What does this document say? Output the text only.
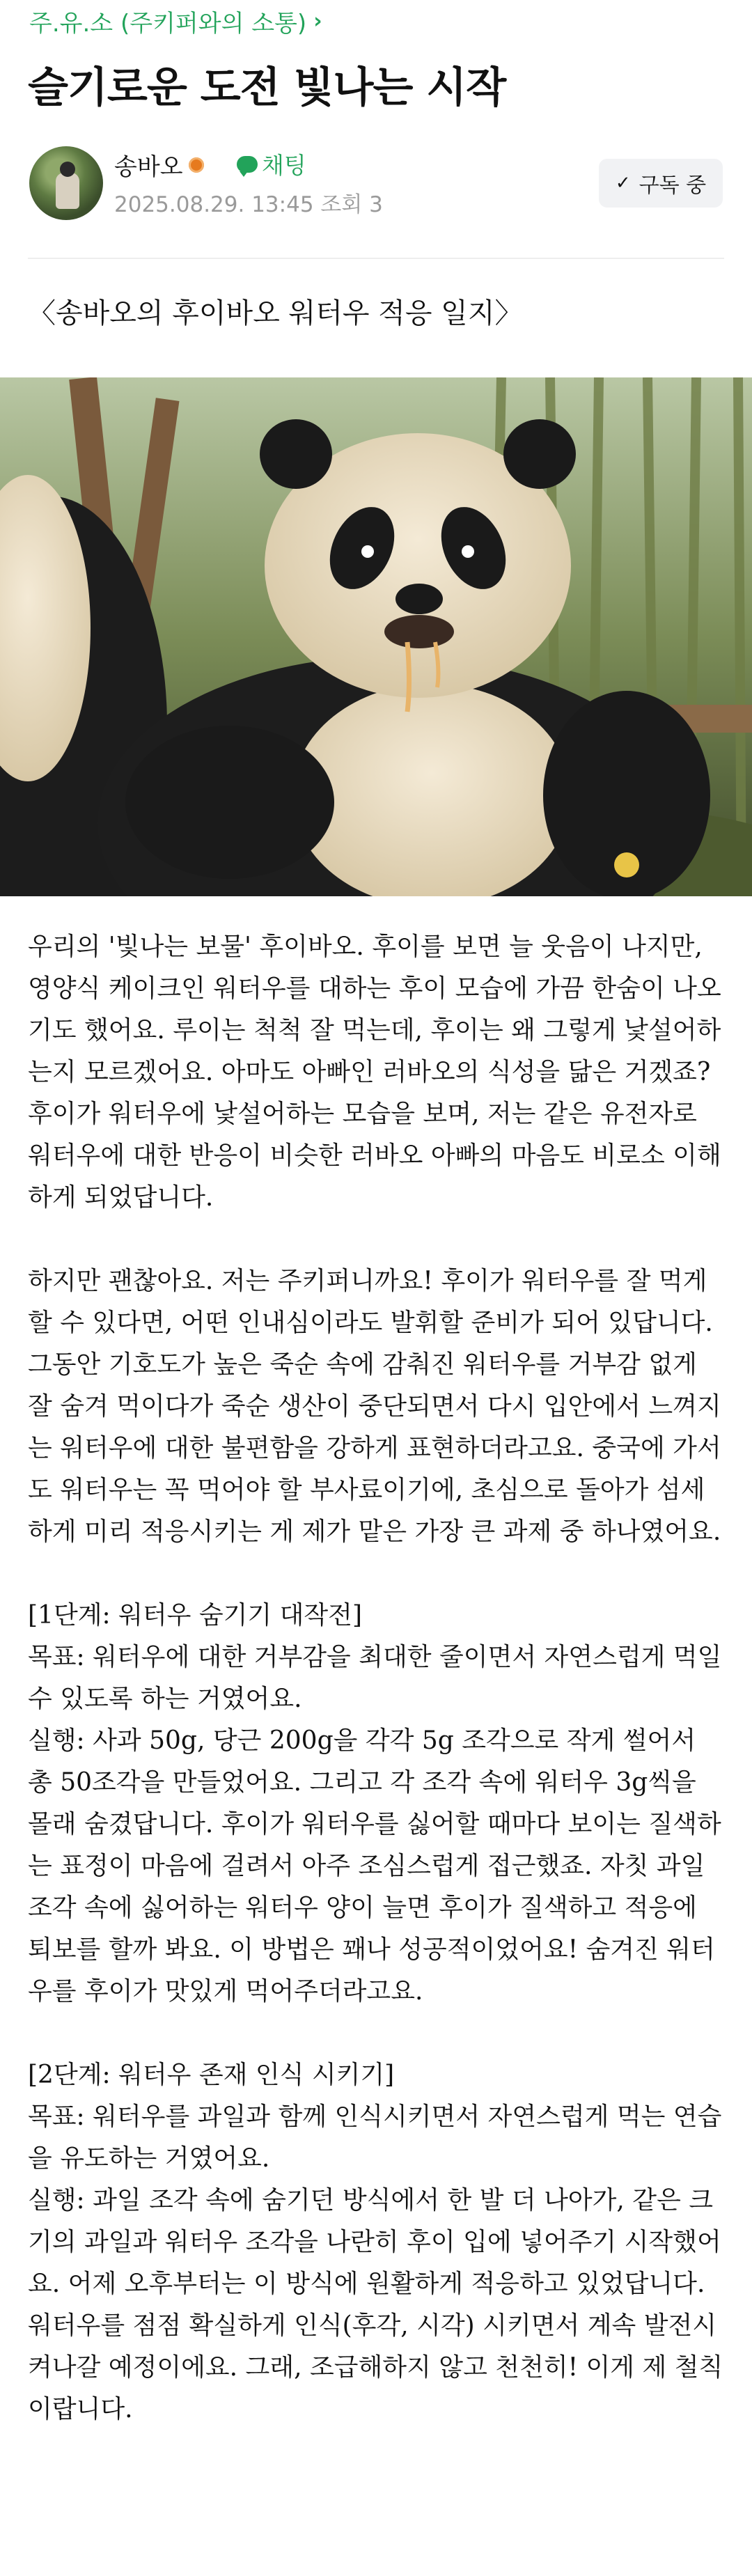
주.유.소 (주키퍼와의 소통) ›
슬기로운 도전 빛나는 시작
송바오	채팅
2025.08.29. 13:45 조회 3
✓ 구독 중
〈송바오의 후이바오 워터우 적응 일지〉

우리의 '빛나는 보물' 후이바오. 후이를 보면 늘 웃음이 나지만, 영양식 케이크인 워터우를 대하는 후이 모습에 가끔 한숨이 나오기도 했어요. 루이는 척척 잘 먹는데, 후이는 왜 그렇게 낯설어하는지 모르겠어요. 아마도 아빠인 러바오의 식성을 닮은 거겠죠? 후이가 워터우에 낯설어하는 모습을 보며, 저는 같은 유전자로 워터우에 대한 반응이 비슷한 러바오 아빠의 마음도 비로소 이해하게 되었답니다.

하지만 괜찮아요. 저는 주키퍼니까요! 후이가 워터우를 잘 먹게 할 수 있다면, 어떤 인내심이라도 발휘할 준비가 되어 있답니다. 그동안 기호도가 높은 죽순 속에 감춰진 워터우를 거부감 없게 잘 숨겨 먹이다가 죽순 생산이 중단되면서 다시 입안에서 느껴지는 워터우에 대한 불편함을 강하게 표현하더라고요. 중국에 가서도 워터우는 꼭 먹어야 할 부사료이기에, 초심으로 돌아가 섬세하게 미리 적응시키는 게 제가 맡은 가장 큰 과제 중 하나였어요.

[1단계: 워터우 숨기기 대작전]

목표: 워터우에 대한 거부감을 최대한 줄이면서 자연스럽게 먹일 수 있도록 하는 거였어요.

실행: 사과 50g, 당근 200g을 각각 5g 조각으로 작게 썰어서 총 50조각을 만들었어요. 그리고 각 조각 속에 워터우 3g씩을 몰래 숨겼답니다. 후이가 워터우를 싫어할 때마다 보이는 질색하는 표정이 마음에 걸려서 아주 조심스럽게 접근했죠. 자칫 과일 조각 속에 싫어하는 워터우 양이 늘면 후이가 질색하고 적응에 퇴보를 할까 봐요. 이 방법은 꽤나 성공적이었어요! 숨겨진 워터우를 후이가 맛있게 먹어주더라고요.

[2단계: 워터우 존재 인식 시키기]

목표: 워터우를 과일과 함께 인식시키면서 자연스럽게 먹는 연습을 유도하는 거였어요.

실행: 과일 조각 속에 숨기던 방식에서 한 발 더 나아가, 같은 크기의 과일과 워터우 조각을 나란히 후이 입에 넣어주기 시작했어요. 어제 오후부터는 이 방식에 원활하게 적응하고 있었답니다. 워터우를 점점 확실하게 인식(후각, 시각) 시키면서 계속 발전시켜나갈 예정이에요. 그래, 조급해하지 않고 천천히! 이게 제 철칙이랍니다.
